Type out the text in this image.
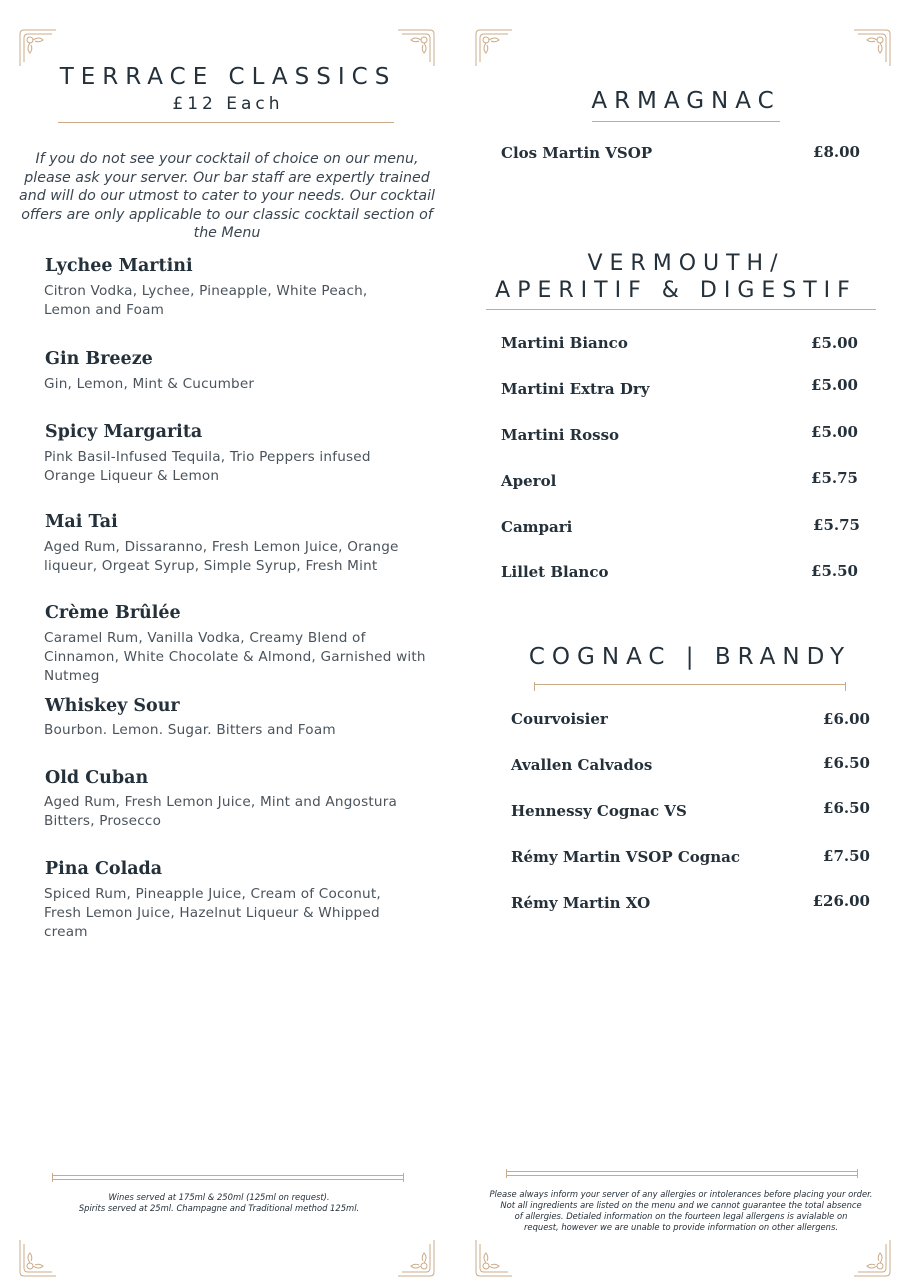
TERRACE CLASSICS
£12 Each
If you do not see your cocktail of choice on our menu, please ask your server. Our bar staff are expertly trained and will do our utmost to cater to your needs. Our cocktail offers are only applicable to our classic cocktail section of the Menu
Lychee Martini
Citron Vodka, Lychee, Pineapple, White Peach, Lemon and Foam
Gin Breeze
Gin, Lemon, Mint & Cucumber
Spicy Margarita
Pink Basil-Infused Tequila, Trio Peppers infused Orange Liqueur & Lemon
Mai Tai
Aged Rum, Dissaranno, Fresh Lemon Juice, Orange liqueur, Orgeat Syrup, Simple Syrup, Fresh Mint
Crème Brûlée
Caramel Rum, Vanilla Vodka, Creamy Blend of Cinnamon, White Chocolate & Almond, Garnished with Nutmeg
Whiskey Sour
Bourbon. Lemon. Sugar. Bitters and Foam
Old Cuban
Aged Rum, Fresh Lemon Juice, Mint and Angostura Bitters, Prosecco
Pina Colada
Spiced Rum, Pineapple Juice, Cream of Coconut, Fresh Lemon Juice, Hazelnut Liqueur & Whipped cream
Wines served at 175ml & 250ml (125ml on request).
Spirits served at 25ml. Champagne and Traditional method 125ml.
ARMAGNAC
Clos Martin VSOP	£8.00
VERMOUTH/
APERITIF & DIGESTIF
Martini Bianco	£5.00
Martini Extra Dry	£5.00
Martini Rosso	£5.00
Aperol	£5.75
Campari	£5.75
Lillet Blanco	£5.50
COGNAC | BRANDY
Courvoisier	£6.00
Avallen Calvados	£6.50
Hennessy Cognac VS	£6.50
Rémy Martin VSOP Cognac	£7.50
Rémy Martin XO	£26.00
Please always inform your server of any allergies or intolerances before placing your order.
Not all ingredients are listed on the menu and we cannot guarantee the total absence
of allergies. Detialed information on the fourteen legal allergens is avialable on
request, however we are unable to provide information on other allergens.
